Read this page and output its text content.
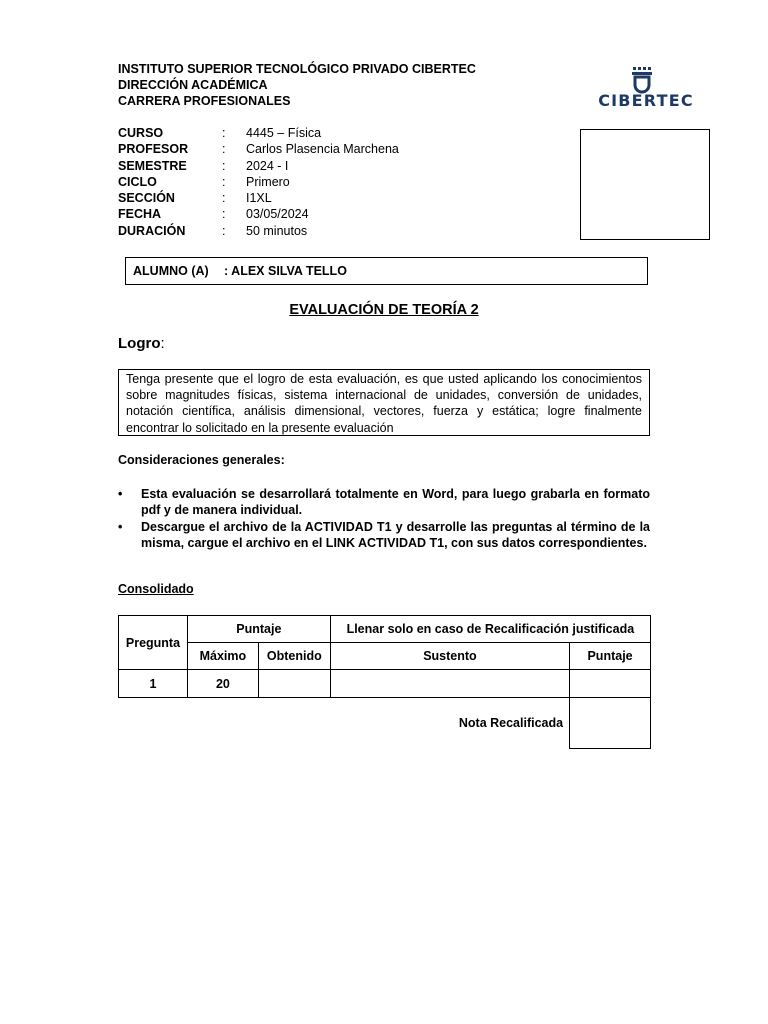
INSTITUTO SUPERIOR TECNOLÓGICO PRIVADO CIBERTEC
DIRECCIÓN ACADÉMICA
CARRERA PROFESIONALES	CIBERTEC
CURSO	:	4445 – Física
PROFESOR	:	Carlos Plasencia Marchena
SEMESTRE	:	2024 - I
CICLO	:	Primero
SECCIÓN	:	I1XL
FECHA	:	03/05/2024
DURACIÓN	:	50 minutos
ALUMNO (A)	: ALEX SILVA TELLO
EVALUACIÓN DE TEORÍA 2
Logro:
Tenga presente que el logro de esta evaluación, es que usted aplicando los conocimientos sobre magnitudes físicas, sistema internacional de unidades, conversión de unidades, notación científica, análisis dimensional, vectores, fuerza y estática; logre finalmente encontrar lo solicitado en la presente evaluación
Consideraciones generales:
•	Esta evaluación se desarrollará totalmente en Word, para luego grabarla en formato pdf y de manera individual.
•	Descargue el archivo de la ACTIVIDAD T1 y desarrolle las preguntas al término de la misma, cargue el archivo en el LINK ACTIVIDAD T1, con sus datos correspondientes.
Consolidado
Pregunta	Puntaje		Llenar solo en caso de Recalificación justificada	
	Máximo	Obtenido	Sustento	Puntaje
1	20			
Nota Recalificada				
